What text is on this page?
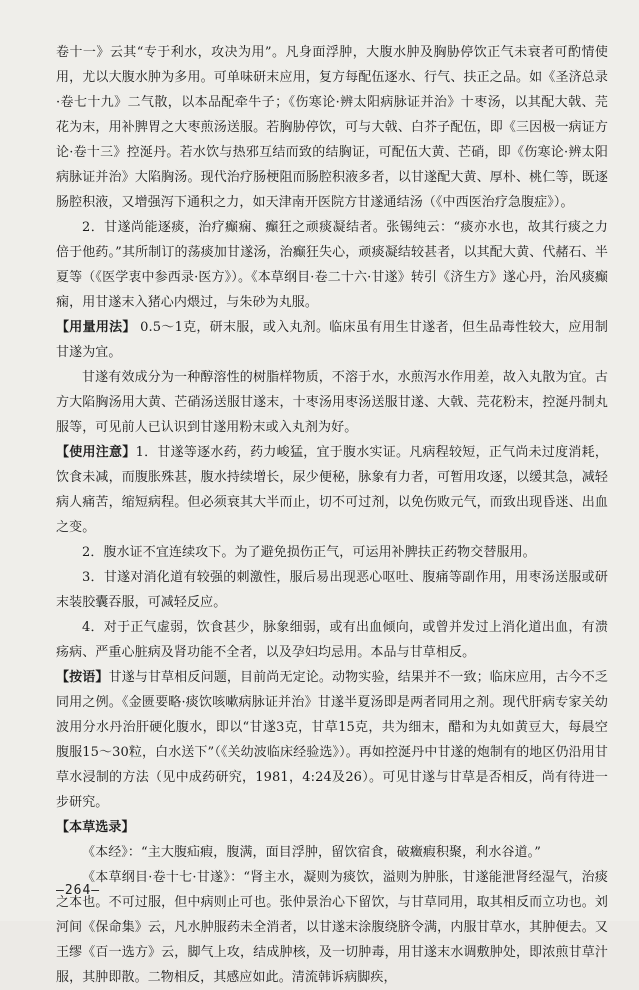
卷十一》云其“专于利水，攻决为用”。凡身面浮肿，大腹水肿及胸胁停饮正气未衰者可酌情使用，尤以大腹水肿为多用。可单味研末应用，复方每配伍逐水、行气、扶正之品。如《圣济总录·卷七十九》二气散，以本品配牵牛子；《伤寒论·辨太阳病脉证并治》十枣汤，以其配大戟、芫花为末，用补脾胃之大枣煎汤送服。若胸胁停饮，可与大戟、白芥子配伍，即《三因极一病证方论·卷十三》控涎丹。若水饮与热邪互结而致的结胸证，可配伍大黄、芒硝，即《伤寒论·辨太阳病脉证并治》大陷胸汤。现代治疗肠梗阻而肠腔积液多者，以甘遂配大黄、厚朴、桃仁等，既逐肠腔积液，又增强泻下通积之力，如天津南开医院方甘遂通结汤（《中西医治疗急腹症》）。

2．甘遂尚能逐痰，治疗癫痫、癫狂之顽痰凝结者。张锡纯云：“痰亦水也，故其行痰之力倍于他药。”其所制订的荡痰加甘遂汤，治癫狂失心，顽痰凝结较甚者，以其配大黄、代赭石、半夏等（《医学衷中参西录·医方》）。《本草纲目·卷二十六·甘遂》转引《济生方》遂心丹，治风痰癫痫，用甘遂末入猪心内煨过，与朱砂为丸服。

【用量用法】 0.5～1克，研末服，或入丸剂。临床虽有用生甘遂者，但生品毒性较大，应用制甘遂为宜。

甘遂有效成分为一种醇溶性的树脂样物质，不溶于水，水煎泻水作用差，故入丸散为宜。古方大陷胸汤用大黄、芒硝汤送服甘遂末，十枣汤用枣汤送服甘遂、大戟、芫花粉末，控涎丹制丸服等，可见前人已认识到甘遂用粉末或入丸剂为好。

【使用注意】1．甘遂等逐水药，药力峻猛，宜于腹水实证。凡病程较短，正气尚未过度消耗，饮食未减，而腹胀殊甚，腹水持续增长，尿少便秘，脉象有力者，可暂用攻逐，以缓其急，减轻病人痛苦，缩短病程。但必须衰其大半而止，切不可过剂，以免伤败元气，而致出现昏迷、出血之变。

2．腹水证不宜连续攻下。为了避免损伤正气，可运用补脾扶正药物交替服用。

3．甘遂对消化道有较强的刺激性，服后易出现恶心呕吐、腹痛等副作用，用枣汤送服或研末装胶囊吞服，可减轻反应。

4．对于正气虚弱，饮食甚少，脉象细弱，或有出血倾向，或曾并发过上消化道出血，有溃疡病、严重心脏病及肾功能不全者，以及孕妇均忌用。本品与甘草相反。

【按语】甘遂与甘草相反问题，目前尚无定论。动物实验，结果并不一致；临床应用，古今不乏同用之例。《金匮要略·痰饮咳嗽病脉证并治》甘遂半夏汤即是两者同用之剂。现代肝病专家关幼波用分水丹治肝硬化腹水，即以“甘遂3克，甘草15克，共为细末，醋和为丸如黄豆大，每晨空腹服15～30粒，白水送下”（《关幼波临床经验选》）。再如控涎丹中甘遂的炮制有的地区仍沿用甘草水浸制的方法（见中成药研究，1981，4:24及26）。可见甘遂与甘草是否相反，尚有待进一步研究。

【本草选录】

《本经》：“主大腹疝瘕，腹满，面目浮肿，留饮宿食，破癥瘕积聚，利水谷道。”

《本草纲目·卷十七·甘遂》：“肾主水，凝则为痰饮，溢则为肿胀，甘遂能泄肾经湿气，治痰之本也。不可过服，但中病则止可也。张仲景治心下留饮，与甘草同用，取其相反而立功也。刘河间《保命集》云，凡水肿服药未全消者，以甘遂末涂腹绕脐令满，内服甘草水，其肿便去。又王缪《百一选方》云，脚气上攻，结成肿核，及一切肿毒，用甘遂末水调敷肿处，即浓煎甘草汁服，其肿即散。二物相反，其感应如此。清流韩诉病脚疾，

—264—
